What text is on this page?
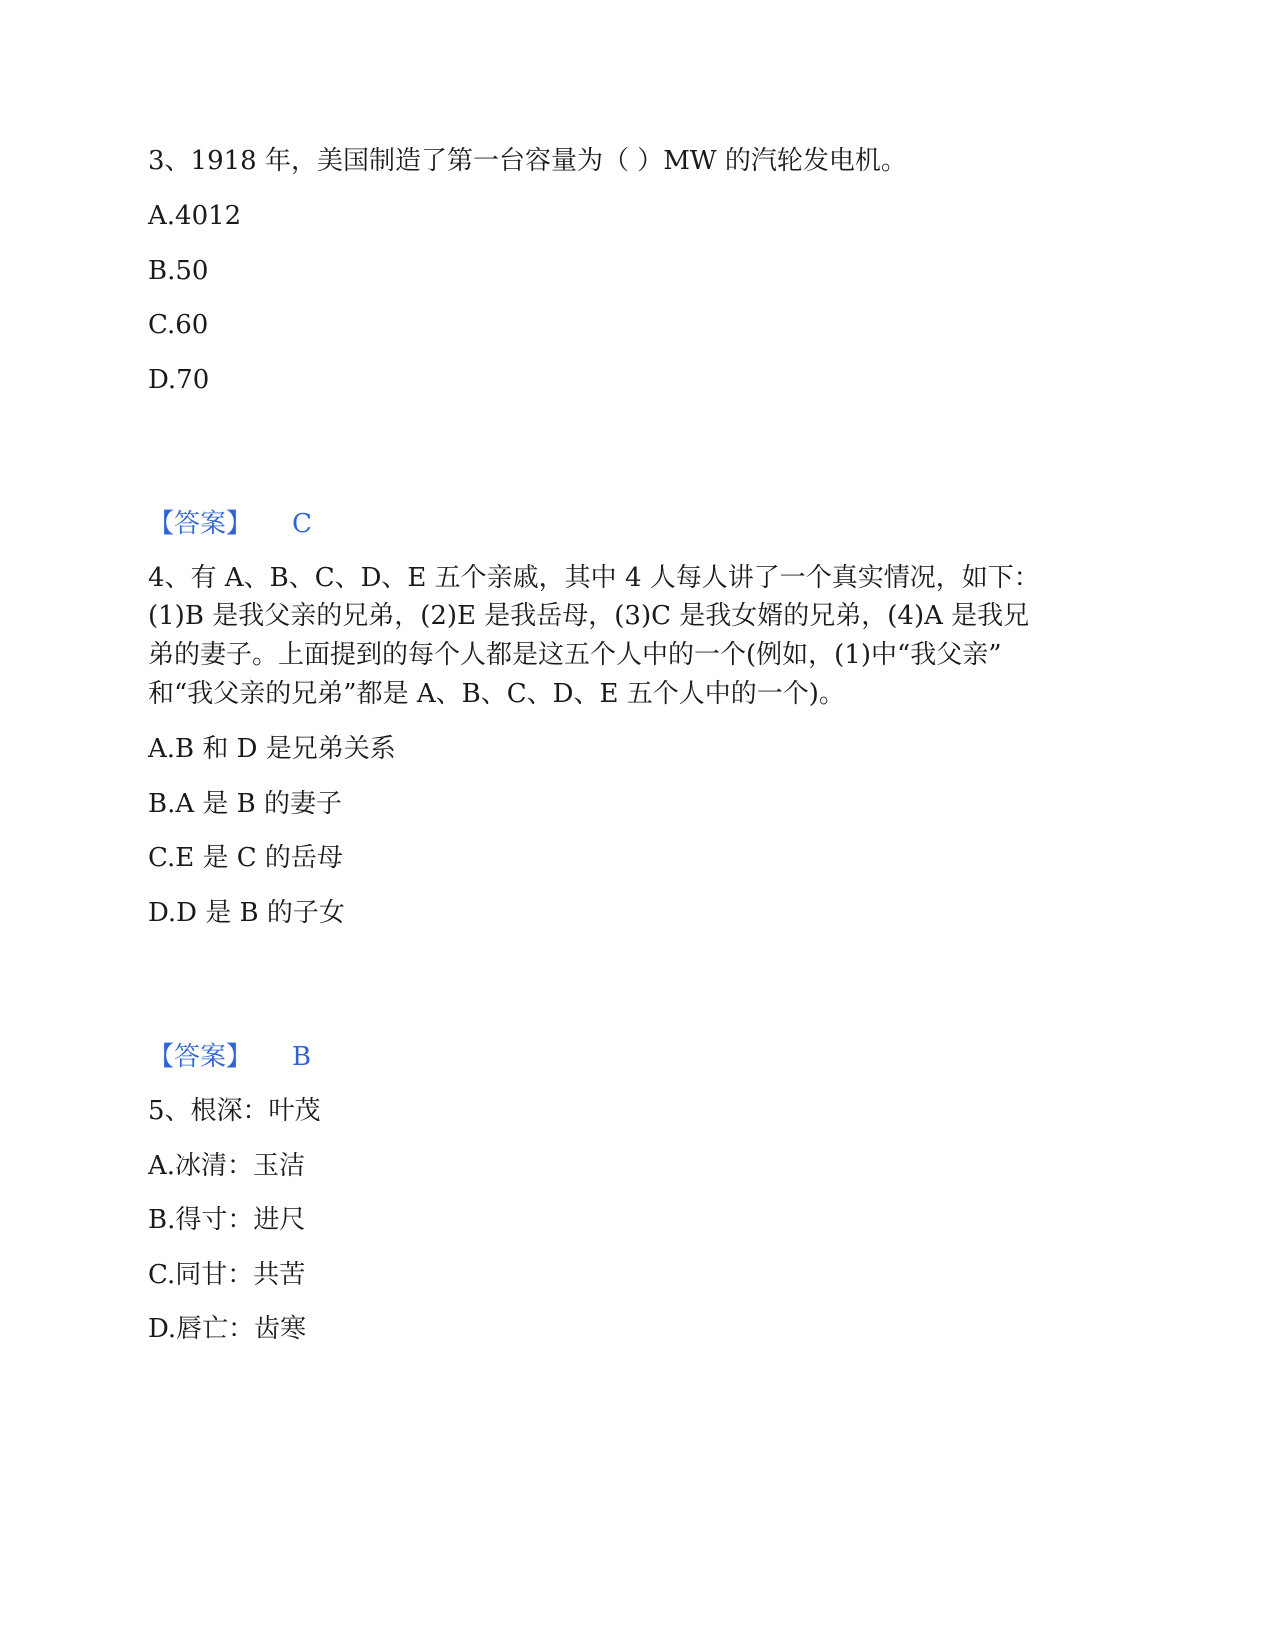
3、1918 年，美国制造了第一台容量为（ ）MW 的汽轮发电机。
A.4012
B.50
C.60
D.70
【答案】 C
4、有 A、B、C、D、E 五个亲戚，其中 4 人每人讲了一个真实情况，如下：
(1)B 是我父亲的兄弟，(2)E 是我岳母，(3)C 是我女婿的兄弟，(4)A 是我兄
弟的妻子。上面提到的每个人都是这五个人中的一个(例如，(1)中“我父亲”
和“我父亲的兄弟”都是 A、B、C、D、E 五个人中的一个)。
A.B 和 D 是兄弟关系
B.A 是 B 的妻子
C.E 是 C 的岳母
D.D 是 B 的子女
【答案】 B
5、根深：叶茂
A.冰清：玉洁
B.得寸：进尺
C.同甘：共苦
D.唇亡：齿寒
